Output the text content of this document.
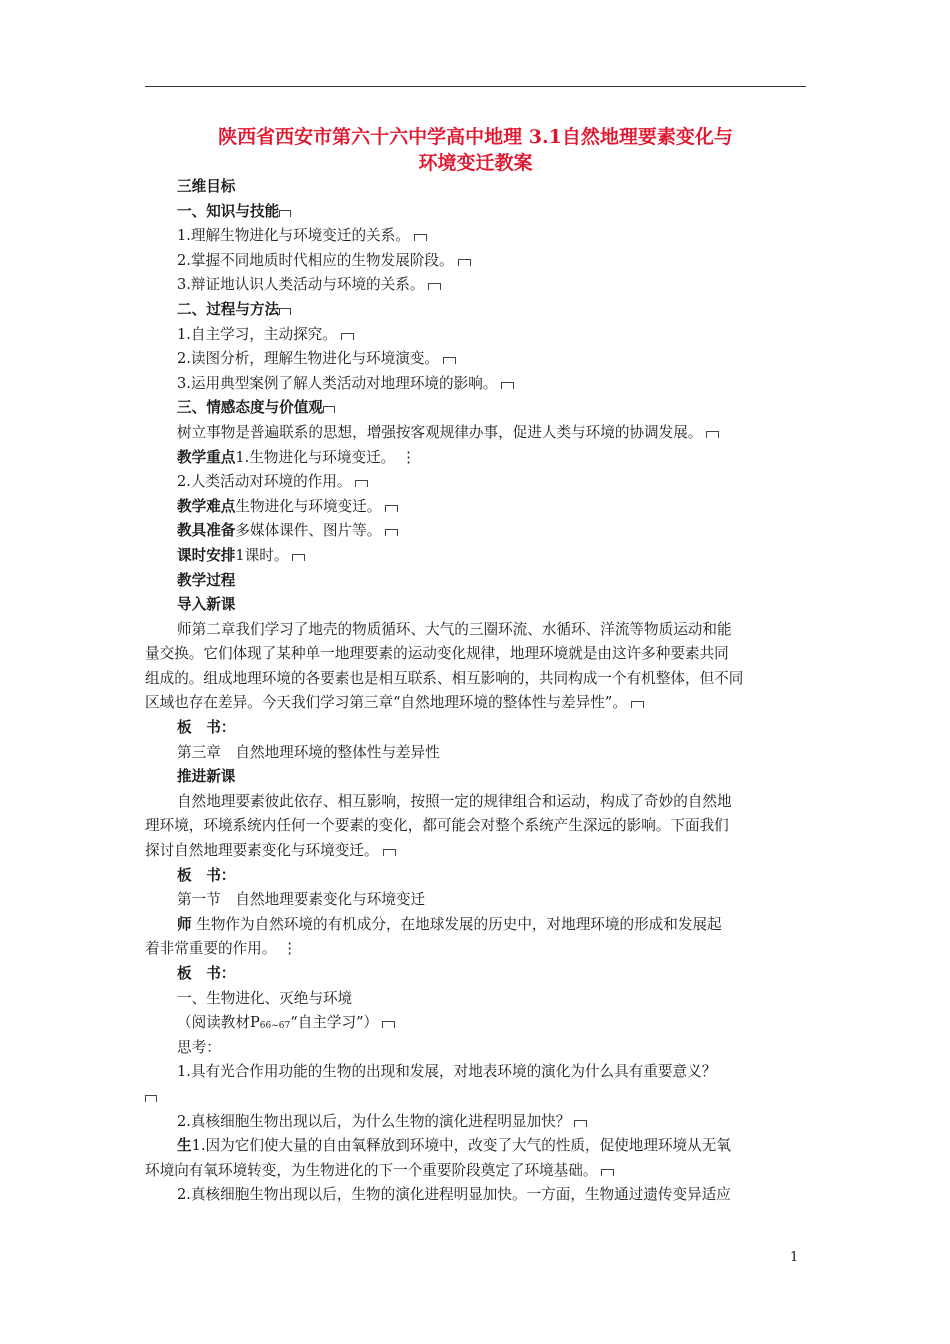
陕西省西安市第六十六中学高中地理 3.1自然地理要素变化与
环境变迁教案
三维目标
一、知识与技能
1.理解生物进化与环境变迁的关系。
2.掌握不同地质时代相应的生物发展阶段。
3.辩证地认识人类活动与环境的关系。
二、过程与方法
1.自主学习，主动探究。
2.读图分析，理解生物进化与环境演变。
3.运用典型案例了解人类活动对地理环境的影响。
三、情感态度与价值观
树立事物是普遍联系的思想，增强按客观规律办事，促进人类与环境的协调发展。
教学重点1.生物进化与环境变迁。 ⋮
2.人类活动对环境的作用。
教学难点生物进化与环境变迁。
教具准备多媒体课件、图片等。
课时安排1课时。
教学过程
导入新课
师第二章我们学习了地壳的物质循环、大气的三圈环流、水循环、洋流等物质运动和能
量交换。它们体现了某种单一地理要素的运动变化规律，地理环境就是由这许多种要素共同
组成的。组成地理环境的各要素也是相互联系、相互影响的，共同构成一个有机整体，但不同
区域也存在差异。今天我们学习第三章“自然地理环境的整体性与差异性”。
板　书：
第三章　自然地理环境的整体性与差异性
推进新课
自然地理要素彼此依存、相互影响，按照一定的规律组合和运动，构成了奇妙的自然地
理环境，环境系统内任何一个要素的变化，都可能会对整个系统产生深远的影响。下面我们
探讨自然地理要素变化与环境变迁。
板　书：
第一节　自然地理要素变化与环境变迁
师 生物作为自然环境的有机成分，在地球发展的历史中，对地理环境的形成和发展起
着非常重要的作用。 ⋮
板　书：
一、生物进化、灭绝与环境
（阅读教材P66~67“自主学习”）
思考：
1.具有光合作用功能的生物的出现和发展，对地表环境的演化为什么具有重要意义？
2.真核细胞生物出现以后，为什么生物的演化进程明显加快？
生1.因为它们使大量的自由氧释放到环境中，改变了大气的性质，促使地理环境从无氧
环境向有氧环境转变，为生物进化的下一个重要阶段奠定了环境基础。
2.真核细胞生物出现以后，生物的演化进程明显加快。一方面，生物通过遗传变异适应
1
